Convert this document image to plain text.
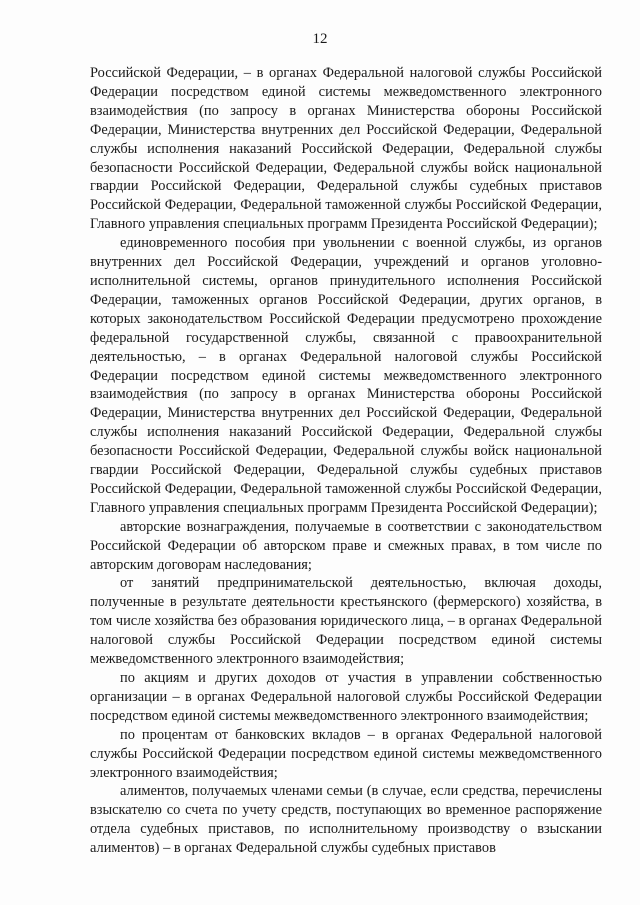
12

Российской Федерации, – в органах Федеральной налоговой службы Российской Федерации посредством единой системы межведомственного электронного взаимодействия (по запросу в органах Министерства обороны Российской Федерации, Министерства внутренних дел Российской Федерации, Федеральной службы исполнения наказаний Российской Федерации, Федеральной службы безопасности Российской Федерации, Федеральной службы войск национальной гвардии Российской Федерации, Федеральной службы судебных приставов Российской Федерации, Федеральной таможенной службы Российской Федерации, Главного управления специальных программ Президента Российской Федерации);

единовременного пособия при увольнении с военной службы, из органов внутренних дел Российской Федерации, учреждений и органов уголовно-исполнительной системы, органов принудительного исполнения Российской Федерации, таможенных органов Российской Федерации, других органов, в которых законодательством Российской Федерации предусмотрено прохождение федеральной государственной службы, связанной с правоохранительной деятельностью, – в органах Федеральной налоговой службы Российской Федерации посредством единой системы межведомственного электронного взаимодействия (по запросу в органах Министерства обороны Российской Федерации, Министерства внутренних дел Российской Федерации, Федеральной службы исполнения наказаний Российской Федерации, Федеральной службы безопасности Российской Федерации, Федеральной службы войск национальной гвардии Российской Федерации, Федеральной службы судебных приставов Российской Федерации, Федеральной таможенной службы Российской Федерации, Главного управления специальных программ Президента Российской Федерации);

авторские вознаграждения, получаемые в соответствии с законодательством Российской Федерации об авторском праве и смежных правах, в том числе по авторским договорам наследования;

от занятий предпринимательской деятельностью, включая доходы, полученные в результате деятельности крестьянского (фермерского) хозяйства, в том числе хозяйства без образования юридического лица, – в органах Федеральной налоговой службы Российской Федерации посредством единой системы межведомственного электронного взаимодействия;

по акциям и других доходов от участия в управлении собственностью организации – в органах Федеральной налоговой службы Российской Федерации посредством единой системы межведомственного электронного взаимодействия;

по процентам от банковских вкладов – в органах Федеральной налоговой службы Российской Федерации посредством единой системы межведомственного электронного взаимодействия;

алиментов, получаемых членами семьи (в случае, если средства, перечислены взыскателю со счета по учету средств, поступающих во временное распоряжение отдела судебных приставов, по исполнительному производству о взыскании алиментов) – в органах Федеральной службы судебных приставов
